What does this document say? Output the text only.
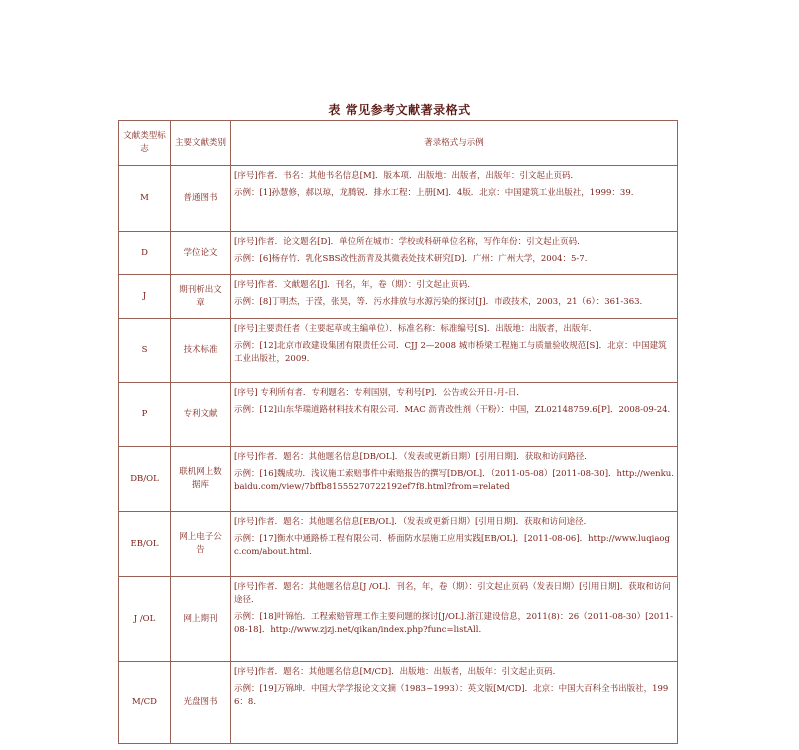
表 常见参考文献著录格式
文献类型标志	主要文献类别	著录格式与示例
M	普通图书	[序号]作者．书名：其他书名信息[M]．版本项．出版地：出版者，出版年：引文起止页码．
示例：[1]孙慧修，郝以琼，龙腾锐．排水工程：上册[M]．4版．北京：中国建筑工业出版社，1999：39.

D	学位论文	[序号]作者．论文题名[D]．单位所在城市：学校或科研单位名称，写作年份：引文起止页码．
示例：[6]杨存竹．乳化SBS改性沥青及其微表处技术研究[D]．广州：广州大学，2004：5-7.

J	期刊析出文章	[序号]作者．文献题名[J]．刊名，年，卷（期）：引文起止页码．
示例：[8]丁明杰，于滢，张昊，等．污水排放与水源污染的探讨[J]．市政技术，2003，21（6）：361-363.

S	技术标准	[序号]主要责任者（主要起草或主编单位）．标准名称：标准编号[S]．出版地：出版者，出版年．
示例：[12]北京市政建设集团有限责任公司．CJJ 2—2008 城市桥梁工程施工与质量验收规范[S]．北京：中国建筑工业出版社，2009.

P	专利文献	[序号] 专利所有者．专利题名：专利国别，专利号[P]．公告或公开日-月-日．
示例：[12]山东华瑞道路材料技术有限公司．MAC 沥青改性剂（干粉）：中国，ZL02148759.6[P]．2008-09-24.

DB/OL	联机网上数据库	[序号]作者．题名：其他题名信息[DB/OL]．（发表或更新日期）[引用日期]．获取和访问路径．
示例：[16]魏成功．浅议施工索赔事件中索赔报告的撰写[DB/OL]．（2011-05-08）[2011-08-30]．http://wenku.baidu.com/view/7bffb81555270722192ef7f8.html?from=related

EB/OL	网上电子公告	[序号]作者．题名：其他题名信息[EB/OL]．（发表或更新日期）[引用日期]．获取和访问途径．
示例：[17]衡水中通路桥工程有限公司．桥面防水层施工应用实践[EB/OL]．[2011-08-06]．http://www.luqiaogc.com/about.html.

J /OL	网上期刊	[序号]作者．题名：其他题名信息[J /OL]．刊名，年，卷（期）：引文起止页码（发表日期）[引用日期]．获取和访问途径．
示例：[18]叶锦怡．工程索赔管理工作主要问题的探讨[J/OL].浙江建设信息，2011(8)：26（2011-08-30）[2011-08-18]．http://www.zjzj.net/qikan/index.php?func=listAll.

M/CD	光盘图书	[序号]作者．题名：其他题名信息[M/CD]．出版地：出版者，出版年：引文起止页码．
示例：[19]万锦坤．中国大学学报论文文摘（1983~1993）：英文版[M/CD]．北京：中国大百科全书出版社，1996：8.
